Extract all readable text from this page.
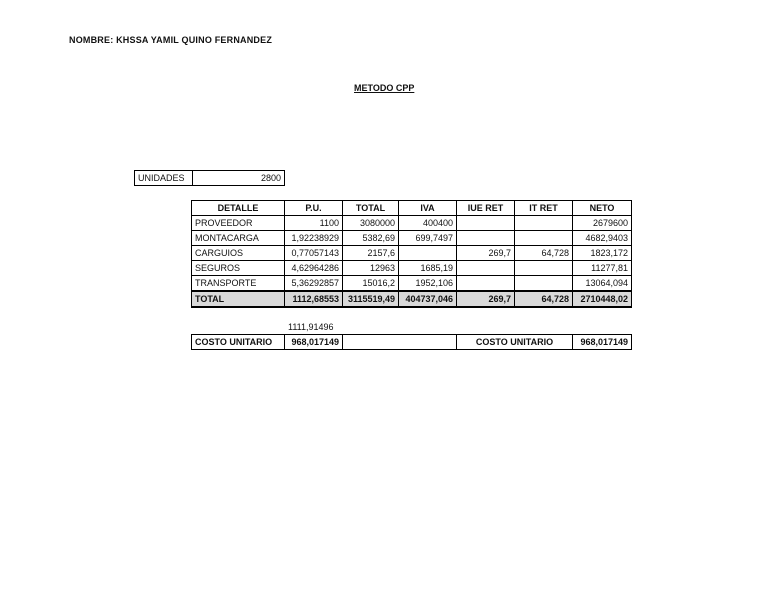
NOMBRE: KHSSA YAMIL QUINO FERNANDEZ
METODO CPP
UNIDADES	2800
DETALLE	P.U.	TOTAL	IVA	IUE RET	IT RET	NETO
PROVEEDOR	1100	3080000	400400			2679600
MONTACARGA	1,92238929	5382,69	699,7497			4682,9403
CARGUIOS	0,77057143	2157,6		269,7	64,728	1823,172
SEGUROS	4,62964286	12963	1685,19			11277,81
TRANSPORTE	5,36292857	15016,2	1952,106			13064,094
TOTAL	1112,68553	3115519,49	404737,046	269,7	64,728	2710448,02
1111,91496
COSTO UNITARIO	968,017149		COSTO UNITARIO	968,017149
